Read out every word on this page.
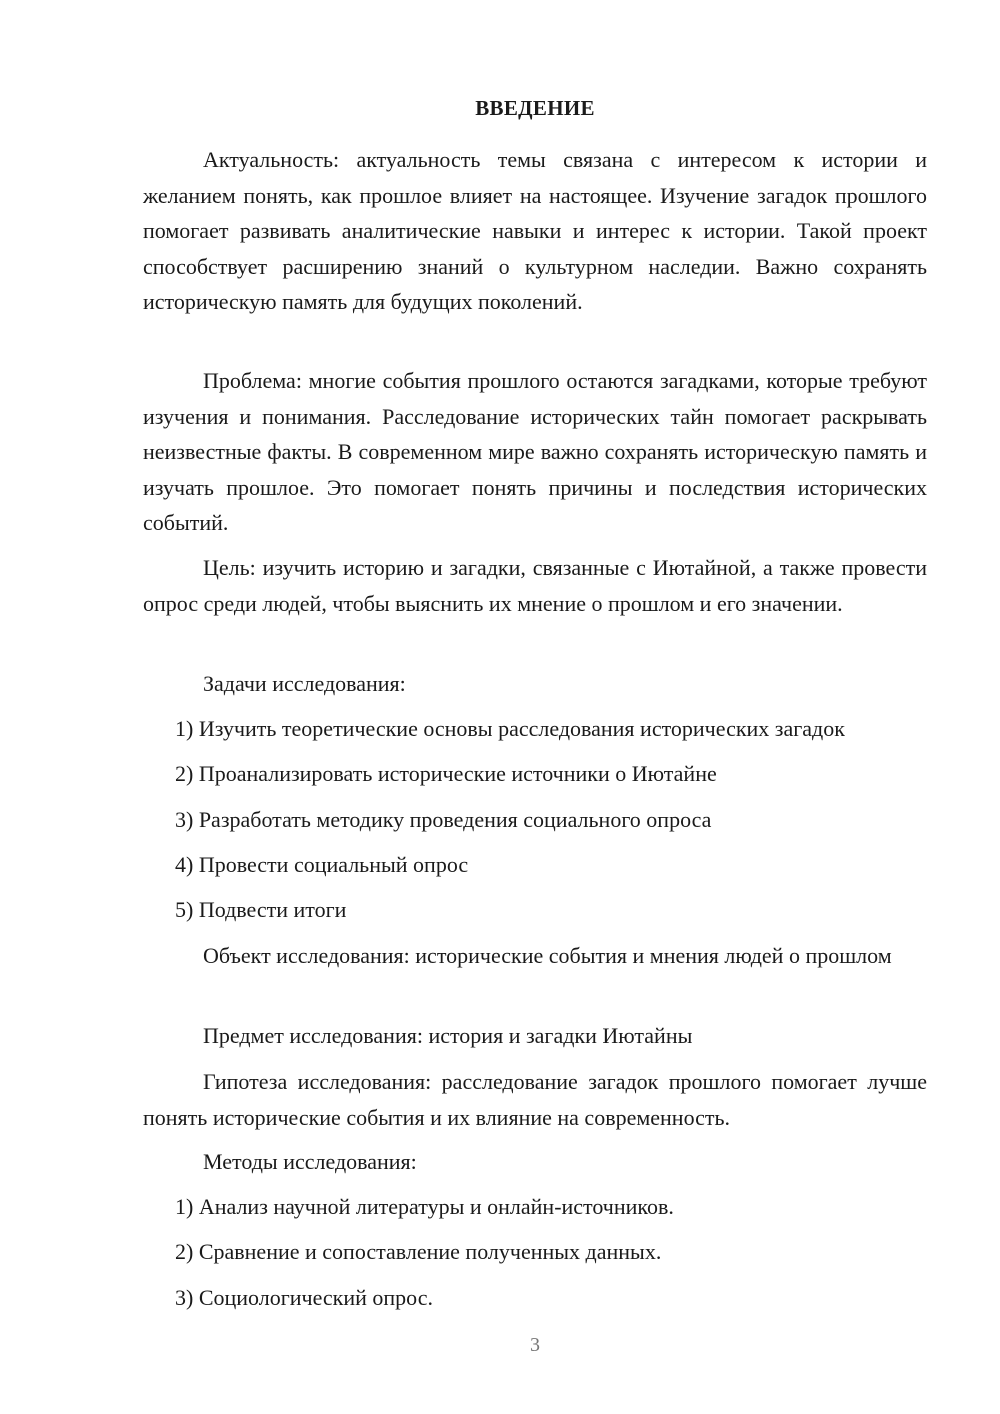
ВВЕДЕНИЕ

Актуальность: актуальность темы связана с интересом к истории и желанием понять, как прошлое влияет на настоящее. Изучение загадок прошлого помогает развивать аналитические навыки и интерес к истории. Такой проект способствует расширению знаний о культурном наследии. Важно сохранять историческую память для будущих поколений.

Проблема: многие события прошлого остаются загадками, которые требуют изучения и понимания. Расследование исторических тайн помогает раскрывать неизвестные факты. В современном мире важно сохранять историческую память и изучать прошлое. Это помогает понять причины и последствия исторических событий.

Цель: изучить историю и загадки, связанные с Иютайной, а также провести опрос среди людей, чтобы выяснить их мнение о прошлом и его значении.

Задачи исследования:

1) Изучить теоретические основы расследования исторических загадок

2) Проанализировать исторические источники о Иютайне

3) Разработать методику проведения социального опроса

4) Провести социальный опрос

5) Подвести итоги

Объект исследования: исторические события и мнения людей о прошлом

Предмет исследования: история и загадки Иютайны

Гипотеза исследования: расследование загадок прошлого помогает лучше понять исторические события и их влияние на современность.

Методы исследования:

1) Анализ научной литературы и онлайн-источников.

2) Сравнение и сопоставление полученных данных.

3) Социологический опрос.

3
